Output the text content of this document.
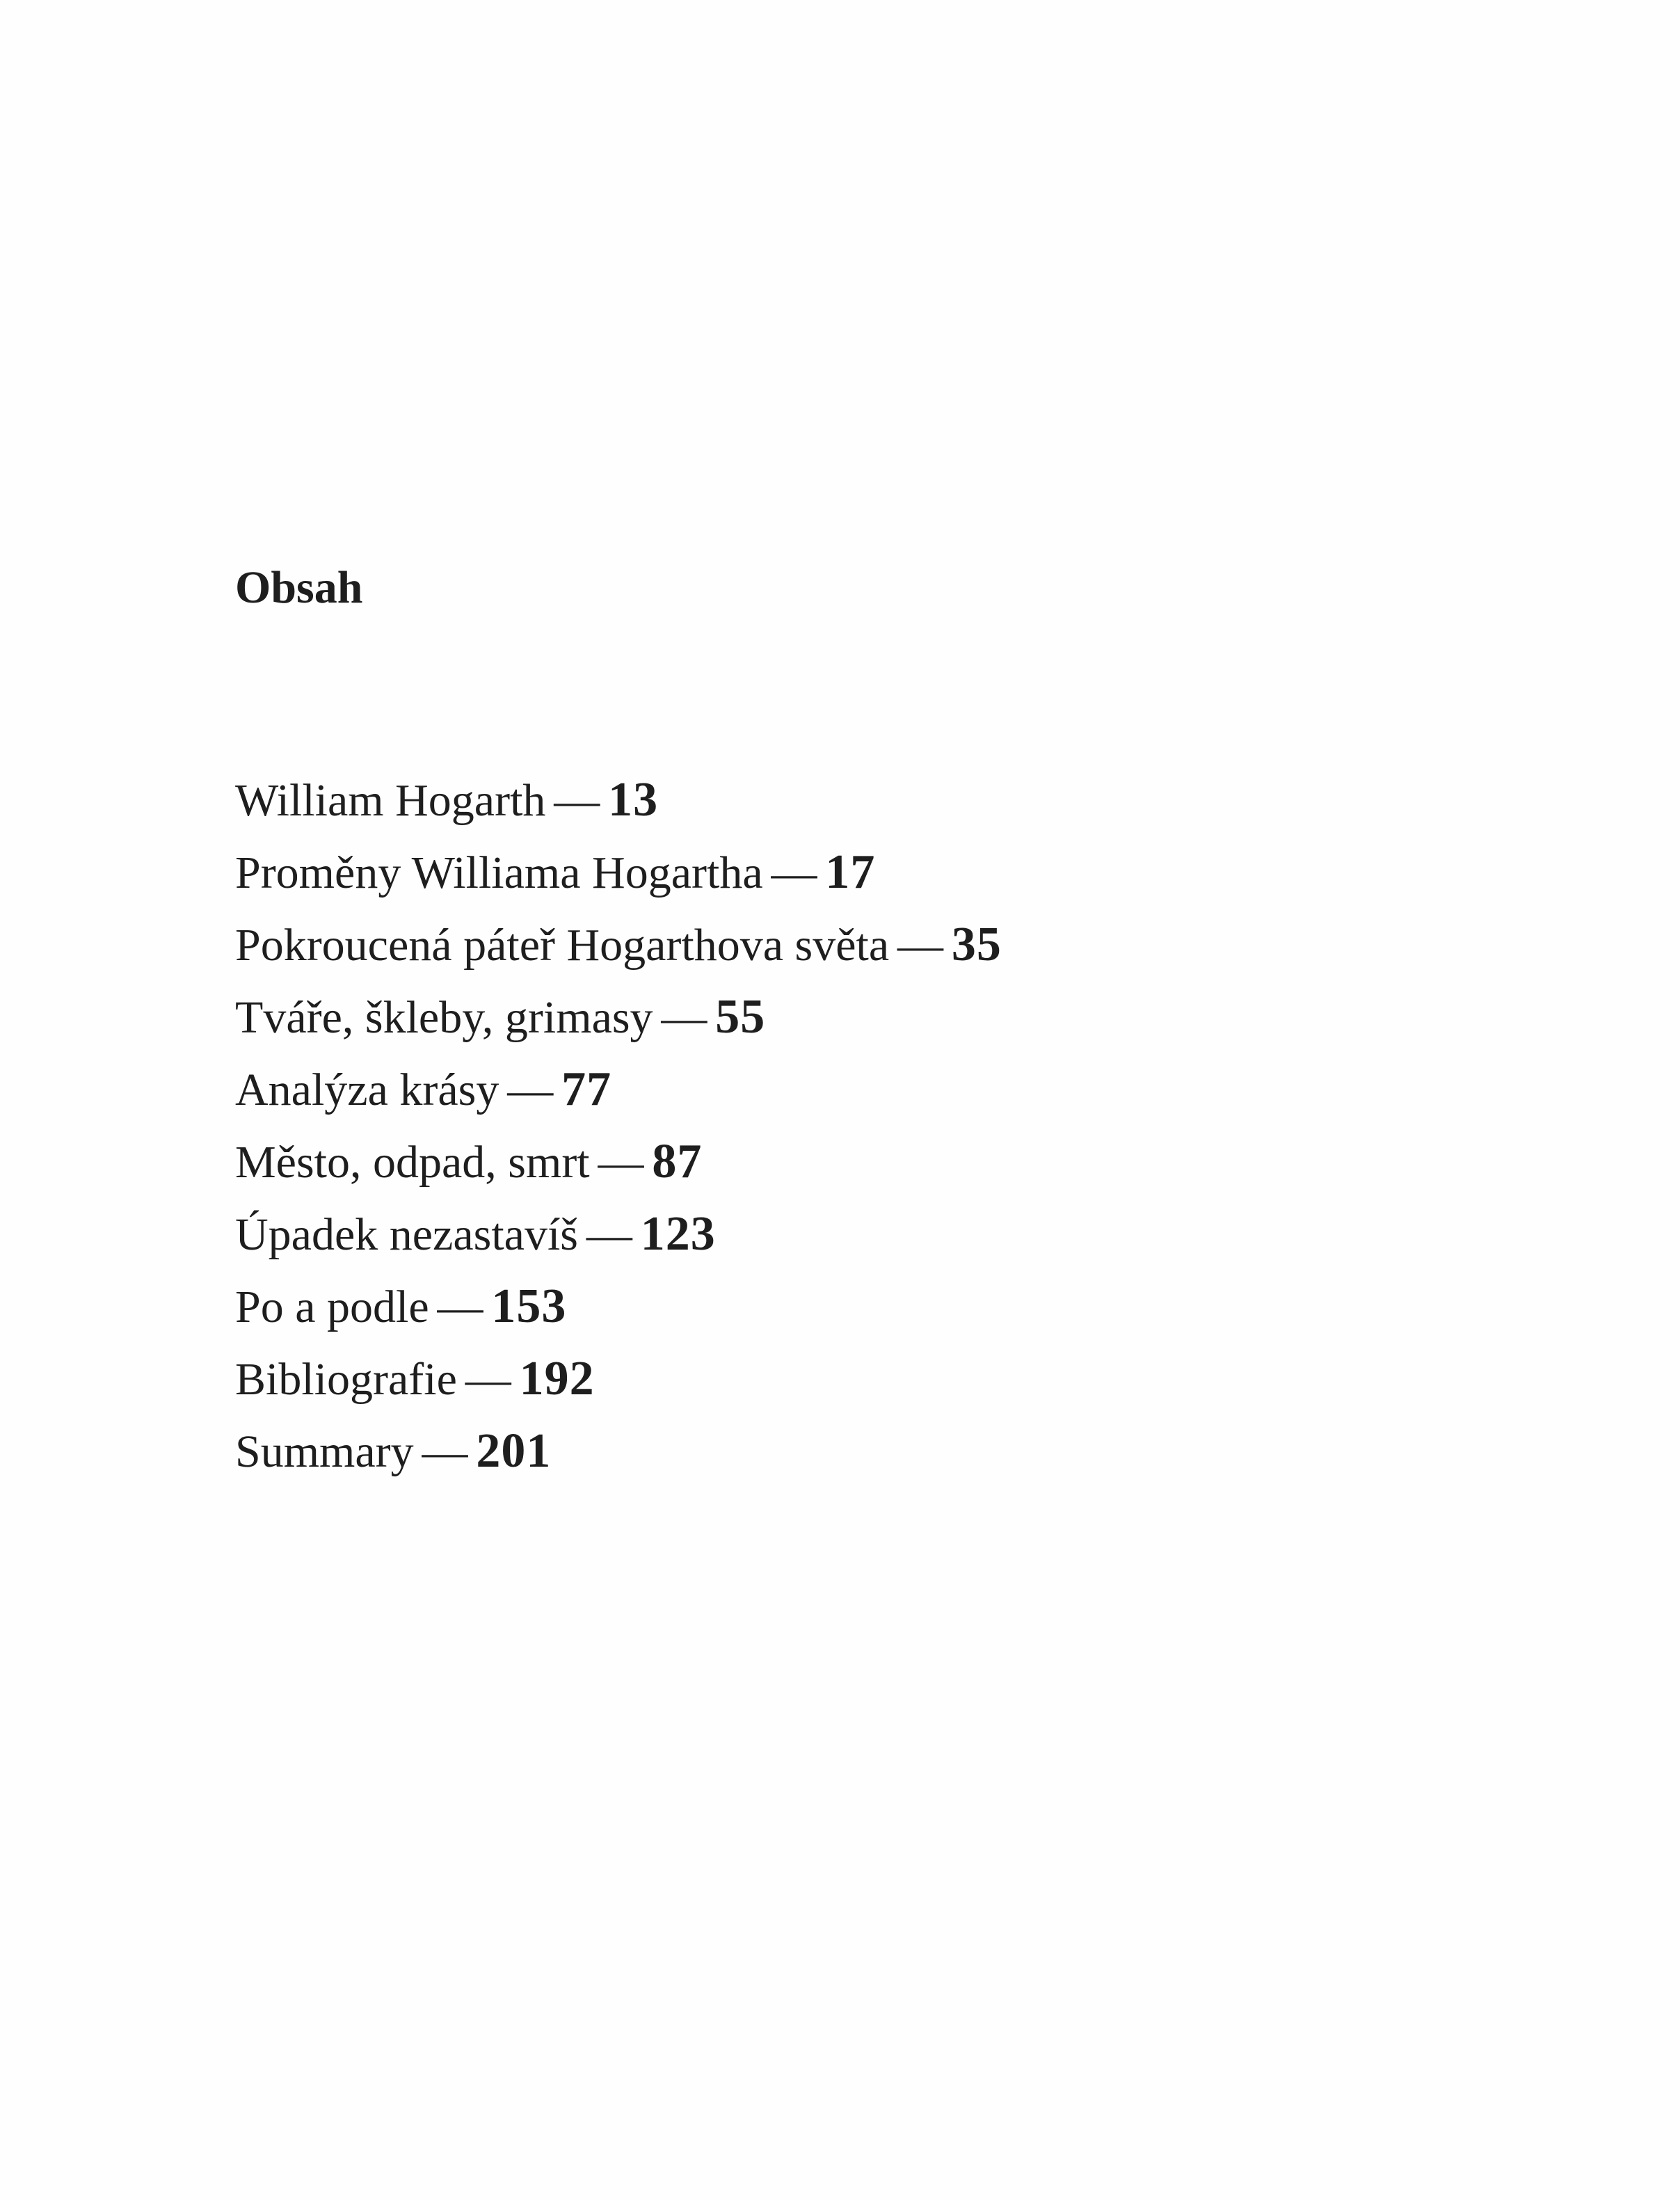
Obsah
William Hogarth — 13
Proměny Williama Hogartha — 17
Pokroucená páteř Hogarthova světa — 35
Tváře, škleby, grimasy — 55
Analýza krásy — 77
Město, odpad, smrt — 87
Úpadek nezastavíš — 123
Po a podle — 153
Bibliografie — 192
Summary — 201
